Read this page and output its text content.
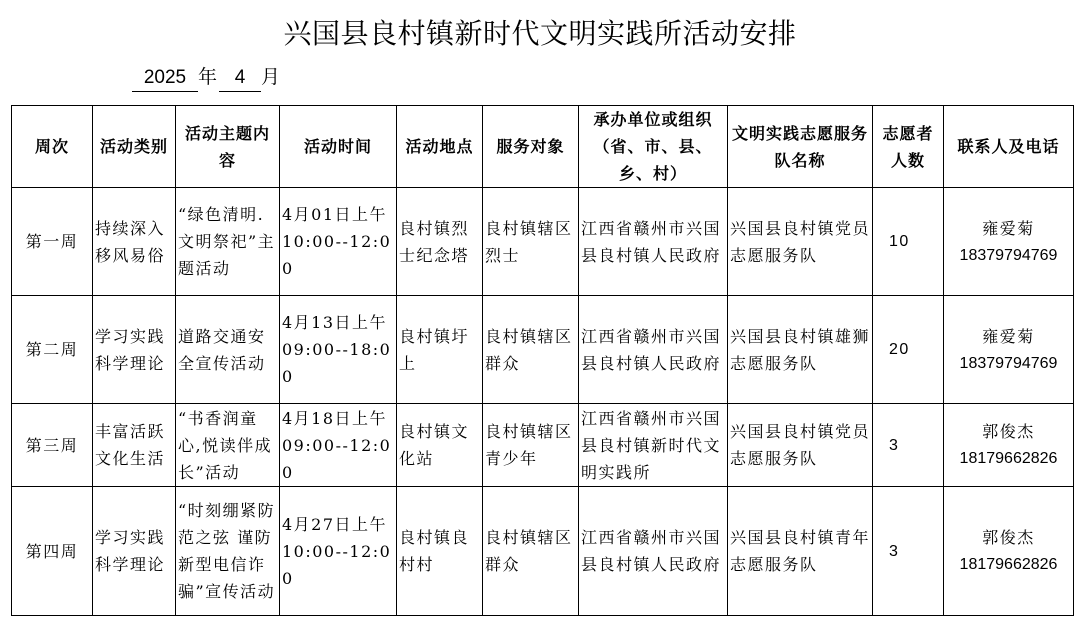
兴国县良村镇新时代文明实践所活动安排
2025 年 4 月
周次	活动类别	活动主题内容	活动时间	活动地点	服务对象	承办单位或组织（省、市、县、乡、村）	文明实践志愿服务队名称	志愿者人数	联系人及电话
第一周	持续深入移风易俗	“绿色清明.文明祭祀”主题活动	4月01日上午10:00--12:00	良村镇烈士纪念塔	良村镇辖区烈士	江西省赣州市兴国县良村镇人民政府	兴国县良村镇党员志愿服务队	10	雍爱菊
18379794769

第二周	学习实践科学理论	道路交通安全宣传活动	4月13日上午09:00--18:00	良村镇圩上	良村镇辖区群众	江西省赣州市兴国县良村镇人民政府	兴国县良村镇雄狮志愿服务队	20	雍爱菊
18379794769

第三周	丰富活跃文化生活	“书香润童心,悦读伴成长”活动	4月18日上午09:00--12:00	良村镇文化站	良村镇辖区青少年	江西省赣州市兴国县良村镇新时代文明实践所	兴国县良村镇党员志愿服务队	3	郭俊杰
18179662826

第四周	学习实践科学理论	“时刻绷紧防范之弦 谨防新型电信诈骗”宣传活动	4月27日上午10:00--12:00	良村镇良村村	良村镇辖区群众	江西省赣州市兴国县良村镇人民政府	兴国县良村镇青年志愿服务队	3	郭俊杰
18179662826
